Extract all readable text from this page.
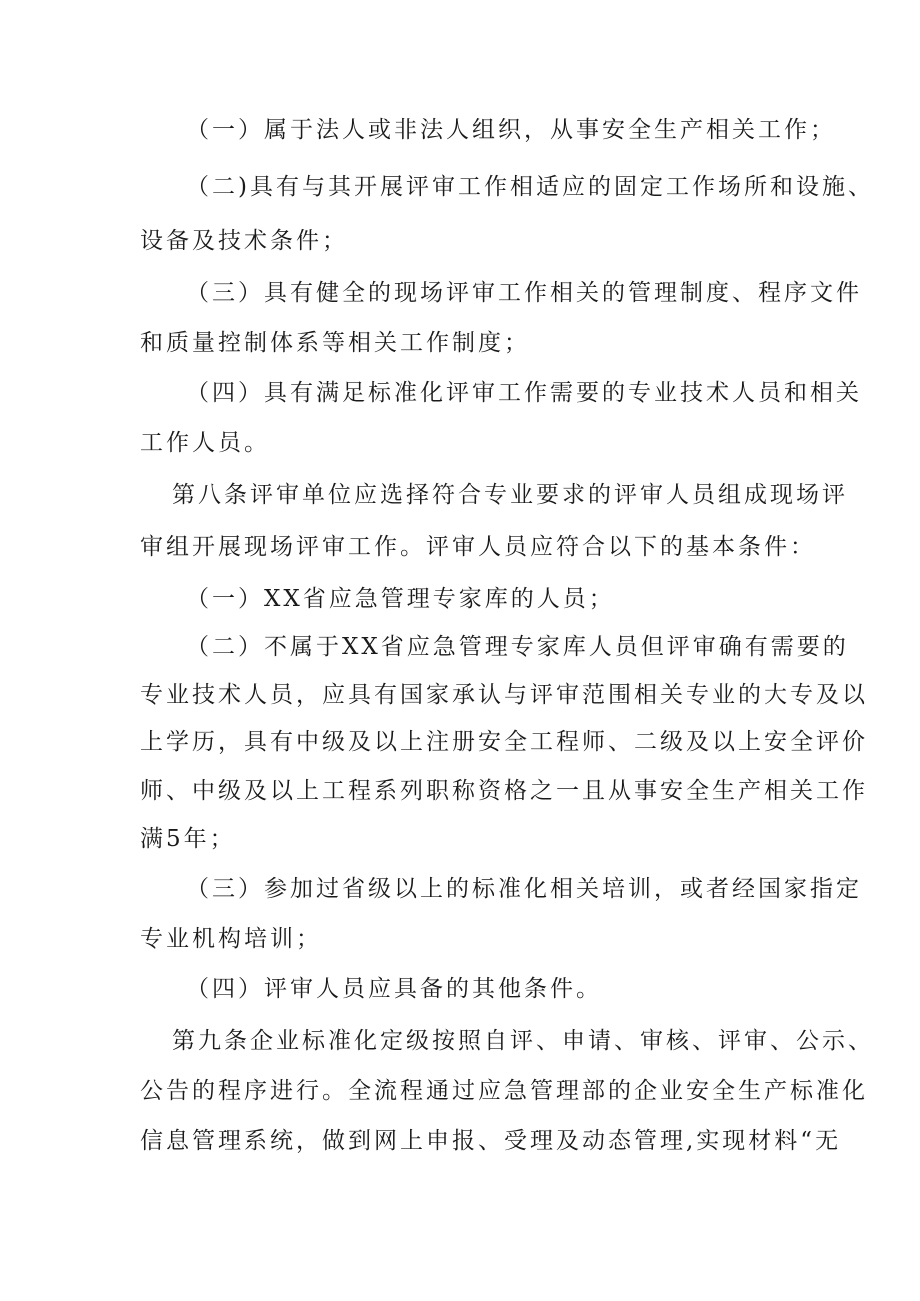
（一）属于法人或非法人组织，从事安全生产相关工作；
（二)具有与其开展评审工作相适应的固定工作场所和设施、
设备及技术条件；
（三）具有健全的现场评审工作相关的管理制度、程序文件
和质量控制体系等相关工作制度；
（四）具有满足标准化评审工作需要的专业技术人员和相关
工作人员。
第八条评审单位应选择符合专业要求的评审人员组成现场评
审组开展现场评审工作。评审人员应符合以下的基本条件：
（一）XX省应急管理专家库的人员；
（二）不属于XX省应急管理专家库人员但评审确有需要的
专业技术人员，应具有国家承认与评审范围相关专业的大专及以
上学历，具有中级及以上注册安全工程师、二级及以上安全评价
师、中级及以上工程系列职称资格之一且从事安全生产相关工作
满5年；
（三）参加过省级以上的标准化相关培训，或者经国家指定
专业机构培训；
（四）评审人员应具备的其他条件。
第九条企业标准化定级按照自评、申请、审核、评审、公示、
公告的程序进行。全流程通过应急管理部的企业安全生产标准化
信息管理系统，做到网上申报、受理及动态管理,实现材料“无
